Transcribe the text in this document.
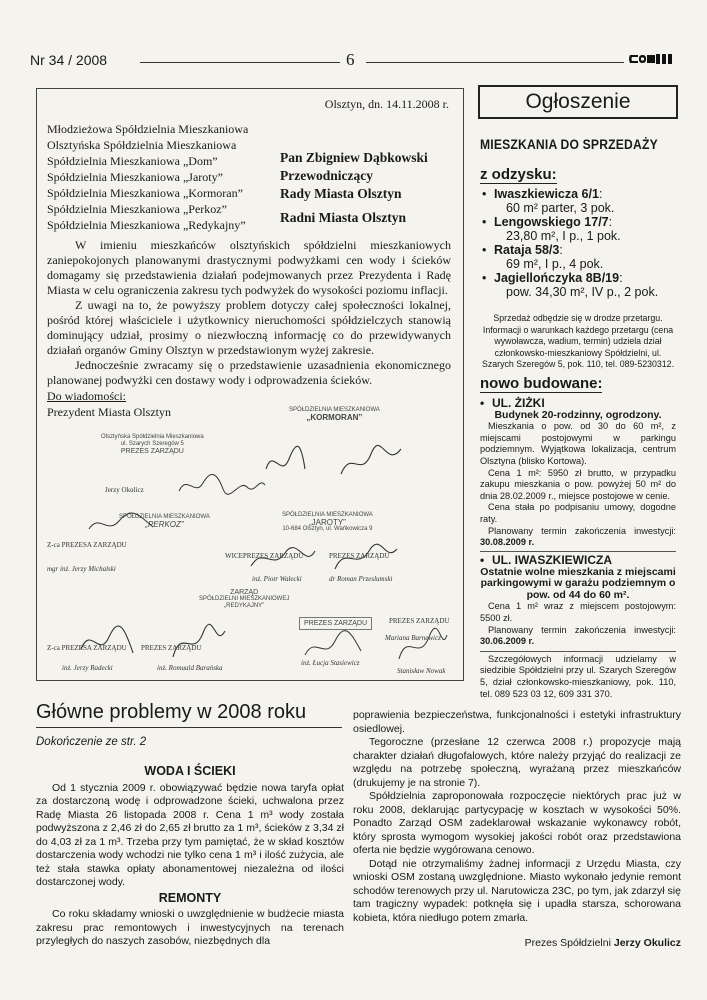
Nr 34 / 2008	6
Olsztyn, dn. 14.11.2008 r.
Młodzieżowa Spółdzielnia Mieszkaniowa
Olsztyńska Spółdzielnia Mieszkaniowa
Spółdzielnia Mieszkaniowa „Dom”
Spółdzielnia Mieszkaniowa „Jaroty”
Spółdzielnia Mieszkaniowa „Kormoran”
Spółdzielnia Mieszkaniowa „Perkoz”
Spółdzielnia Mieszkaniowa „Redykajny”
Pan Zbigniew Dąbkowski
Przewodniczący
Rady Miasta Olsztyn
Radni Miasta Olsztyn

W imieniu mieszkańców olsztyńskich spółdzielni mieszkaniowych zaniepokojonych planowanymi drastycznymi podwyżkami cen wody i ścieków domagamy się przedstawienia działań podejmowanych przez Prezydenta i Radę Miasta w celu ograniczenia zakresu tych podwyżek do wysokości poziomu inflacji.

Z uwagi na to, że powyższy problem dotyczy całej społeczności lokalnej, pośród której właściciele i użytkownicy nieruchomości spółdzielczych stanowią dominujący udział, prosimy o niezwłoczną informację co do przewidywanych działań organów Gminy Olsztyn w przedstawionym wyżej zakresie.

Jednocześnie zwracamy się o przedstawienie uzasadnienia ekonomicznego planowanej podwyżki cen dostawy wody i odprowadzenia ścieków.

Do wiadomości:
Prezydent Miasta Olsztyn	SPÓŁDZIELNIA MIESZKANIOWA
„KORMORAN”
Olsztyńska Spółdzielnia Mieszkaniowa
ul. Szarych Szeregów 5
PREZES ZARZĄDU
Jerzy Okulicz
SPÓŁDZIELNIA MIESZKANIOWA
„PERKOZ”
Z-ca PREZESA ZARZĄDU
mgr inż. Jerzy Michalski
SPÓŁDZIELNIA MIESZKANIOWA
„JAROTY”
10-684 Olsztyn, ul. Wańkowicza 9
WICEPREZES ZARZĄDU
inż. Piotr Wałecki
PREZES ZARZĄDU
dr Roman Przeslumski
ZARZĄD
SPÓŁDZIELNI MIESZKANIOWEJ
„REDYKAJNY”
Z-ca PREZESA ZARZĄDU
inż. Jerzy Radecki
PREZES ZARZĄDU
inż. Romuald Barańska
PREZES ZARZĄDU
inż. Łucja Stasiewicz
PREZES ZARZĄDU
Mariana Barnewicz
Stanisław Nowak
Ogłoszenie
MIESZKANIA DO SPRZEDAŻY
z odzysku:
• Iwaszkiewicza 6/1:
60 m² parter, 3 pok.
• Lengowskiego 17/7:
23,80 m², I p., 1 pok.
• Rataja 58/3:
69 m², I p., 4 pok.
• Jagiellończyka 8B/19:
pow. 34,30 m², IV p., 2 pok.
Sprzedaż odbędzie się w drodze przetargu. Informacji o warunkach każdego przetargu (cena wywoławcza, wadium, termin) udziela dział członkowsko-mieszkaniowy Spółdzielni, ul. Szarych Szeregów 5, pok. 110, tel. 089-5230312.
nowo budowane:
• UL. ŻIŻKI
Budynek 20-rodzinny, ogrodzony.

Mieszkania o pow. od 30 do 60 m², z miejscami postojowymi w parkingu podziemnym. Wyjątkowa lokalizacja, centrum Olsztyna (blisko Kortowa).

Cena 1 m²: 5950 zł brutto, w przypadku zakupu mieszkania o pow. powyżej 50 m² do dnia 28.02.2009 r., miejsce postojowe w cenie.

Cena stała po podpisaniu umowy, dogodne raty.

Planowany termin zakończenia inwestycji: 30.08.2009 r.

• UL. IWASZKIEWICZA
Ostatnie wolne mieszkania z miejscami parkingowymi w garażu podziemnym o pow. od 44 do 60 m².

Cena 1 m² wraz z miejscem postojowym: 5500 zł.

Planowany termin zakończenia inwestycji: 30.06.2009 r.

Szczegółowych informacji udzielamy w siedzibie Spółdzielni przy ul. Szarych Szeregów 5, dział członkowsko-mieszkaniowy, pok. 110, tel. 089 523 03 12, 609 331 370.

Główne problemy w 2008 roku
Dokończenie ze str. 2
WODA I ŚCIEKI

Od 1 stycznia 2009 r. obowiązywać będzie nowa taryfa opłat za dostarczoną wodę i odprowadzone ścieki, uchwalona przez Radę Miasta 26 listopada 2008 r. Cena 1 m³ wody została podwyższona z 2,46 zł do 2,65 zł brutto za 1 m³, ścieków z 3,34 zł do 4,03 zł za 1 m³. Trzeba przy tym pamiętać, że w skład kosztów dostarczenia wody wchodzi nie tylko cena 1 m³ i ilość zużycia, ale też stała stawka opłaty abonamentowej niezależna od ilości dostarczonej wody.

REMONTY

Co roku składamy wnioski o uwzględnienie w budżecie miasta zakresu prac remontowych i inwestycyjnych na terenach przyległych do naszych zasobów, niezbędnych dla

poprawienia bezpieczeństwa, funkcjonalności i estetyki infrastruktury osiedlowej.

Tegoroczne (przesłane 12 czerwca 2008 r.) propozycje mają charakter działań długofalowych, które należy przyjąć do realizacji ze względu na potrzebę społeczną, wyrażaną przez mieszkańców (drukujemy je na stronie 7).

Spółdzielnia zaproponowała rozpoczęcie niektórych prac już w roku 2008, deklarując partycypację w kosztach w wysokości 50%. Ponadto Zarząd OSM zadeklarował wskazanie wykonawcy robót, który sprosta wymogom wysokiej jakości robót oraz przedstawiona oferta nie będzie wygórowana cenowo.

Dotąd nie otrzymaliśmy żadnej informacji z Urzędu Miasta, czy wnioski OSM zostaną uwzględnione. Miasto wykonało jedynie remont schodów terenowych przy ul. Narutowicza 23C, po tym, jak zdarzył się tam tragiczny wypadek: potknęła się i upadła starsza, schorowana kobieta, która niedługo potem zmarła.

Prezes Spółdzielni Jerzy Okulicz
